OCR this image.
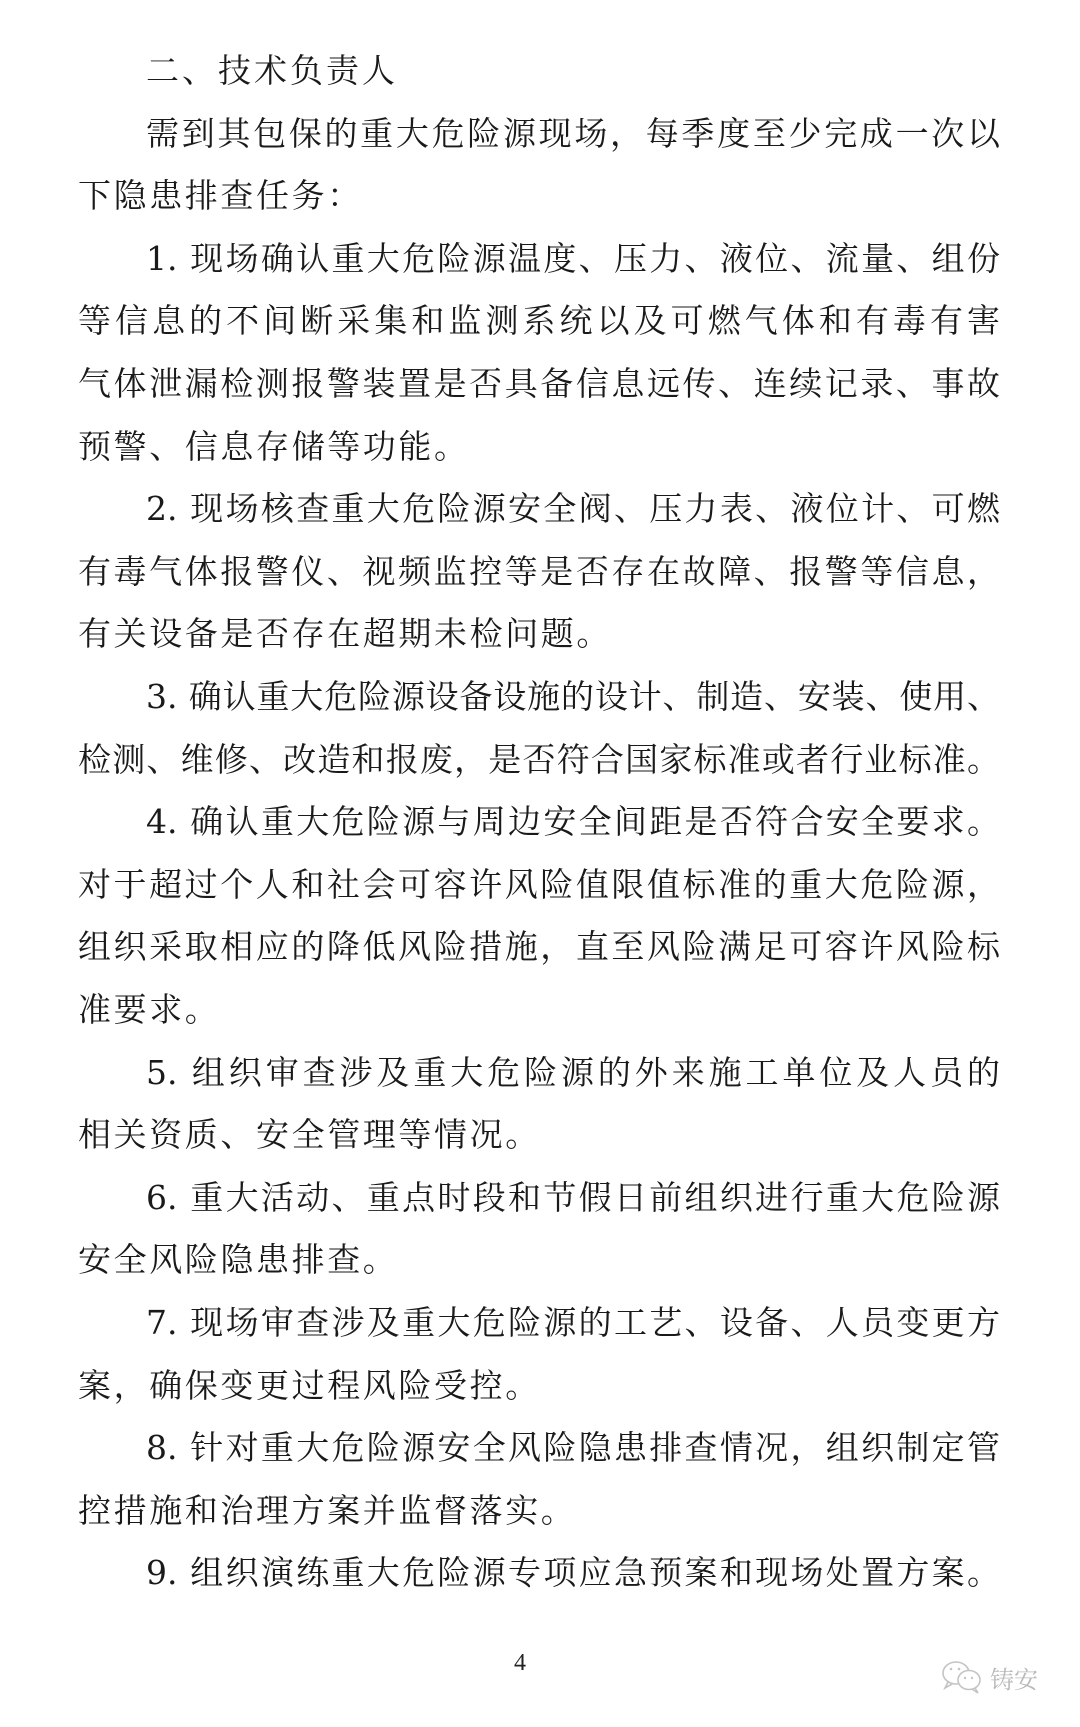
二、技术负责人
需到其包保的重大危险源现场，每季度至少完成一次以
下隐患排查任务：
1. 现场确认重大危险源温度、压力、液位、流量、组份
等信息的不间断采集和监测系统以及可燃气体和有毒有害
气体泄漏检测报警装置是否具备信息远传、连续记录、事故
预警、信息存储等功能。
2. 现场核查重大危险源安全阀、压力表、液位计、可燃
有毒气体报警仪、视频监控等是否存在故障、报警等信息，
有关设备是否存在超期未检问题。
3. 确认重大危险源设备设施的设计、制造、安装、使用、
检测、维修、改造和报废，是否符合国家标准或者行业标准。
4. 确认重大危险源与周边安全间距是否符合安全要求。
对于超过个人和社会可容许风险值限值标准的重大危险源，
组织采取相应的降低风险措施，直至风险满足可容许风险标
准要求。
5. 组织审查涉及重大危险源的外来施工单位及人员的
相关资质、安全管理等情况。
6. 重大活动、重点时段和节假日前组织进行重大危险源
安全风险隐患排查。
7. 现场审查涉及重大危险源的工艺、设备、人员变更方
案，确保变更过程风险受控。
8. 针对重大危险源安全风险隐患排查情况，组织制定管
控措施和治理方案并监督落实。
9. 组织演练重大危险源专项应急预案和现场处置方案。
4
铸安
